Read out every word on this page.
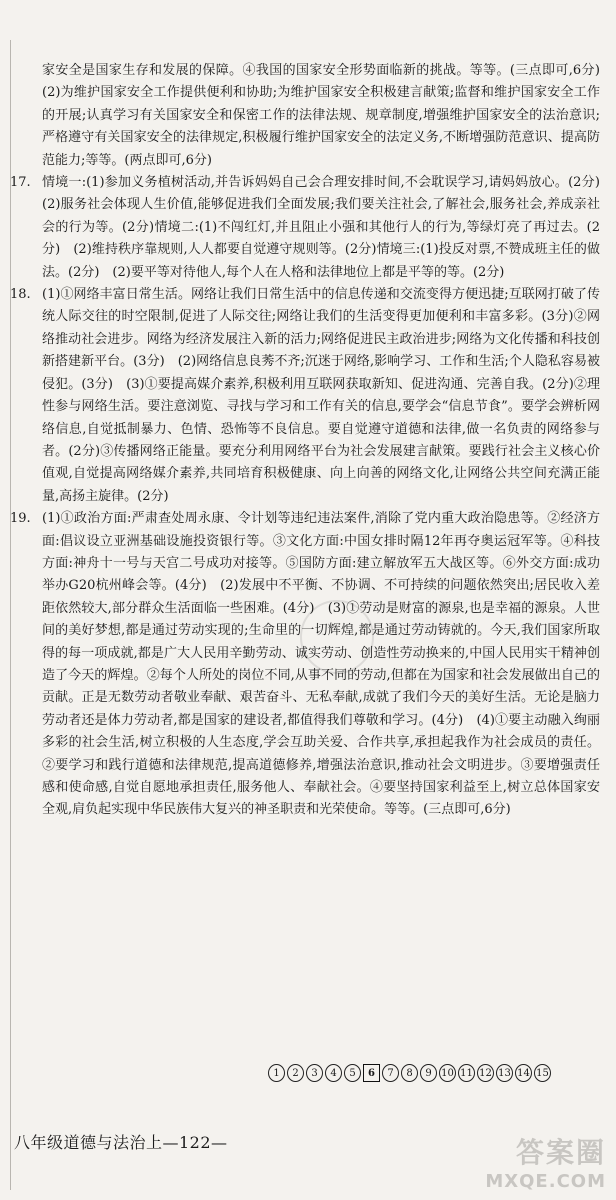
家安全是国家生存和发展的保障。④我国的国家安全形势面临新的挑战。等等。(三点即可,6分)　(2)为维护国家安全工作提供便利和协助;为维护国家安全积极建言献策;监督和维护国家安全工作的开展;认真学习有关国家安全和保密工作的法律法规、规章制度,增强维护国家安全的法治意识;严格遵守有关国家安全的法律规定,积极履行维护国家安全的法定义务,不断增强防范意识、提高防范能力;等等。(两点即可,6分)

17. 情境一:(1)参加义务植树活动,并告诉妈妈自己会合理安排时间,不会耽误学习,请妈妈放心。(2分)　(2)服务社会体现人生价值,能够促进我们全面发展;我们要关注社会,了解社会,服务社会,养成亲社会的行为等。(2分)情境二:(1)不闯红灯,并且阻止小强和其他行人的行为,等绿灯亮了再过去。(2分)　(2)维持秩序靠规则,人人都要自觉遵守规则等。(2分)情境三:(1)投反对票,不赞成班主任的做法。(2分)　(2)要平等对待他人,每个人在人格和法律地位上都是平等的等。(2分)
18. (1)①网络丰富日常生活。网络让我们日常生活中的信息传递和交流变得方便迅捷;互联网打破了传统人际交往的时空限制,促进了人际交往;网络让我们的生活变得更加便利和丰富多彩。(3分)②网络推动社会进步。网络为经济发展注入新的活力;网络促进民主政治进步;网络为文化传播和科技创新搭建新平台。(3分)　(2)网络信息良莠不齐;沉迷于网络,影响学习、工作和生活;个人隐私容易被侵犯。(3分)　(3)①要提高媒介素养,积极利用互联网获取新知、促进沟通、完善自我。(2分)②理性参与网络生活。要注意浏览、寻找与学习和工作有关的信息,要学会“信息节食”。要学会辨析网络信息,自觉抵制暴力、色情、恐怖等不良信息。要自觉遵守道德和法律,做一名负责的网络参与者。(2分)③传播网络正能量。要充分利用网络平台为社会发展建言献策。要践行社会主义核心价值观,自觉提高网络媒介素养,共同培育积极健康、向上向善的网络文化,让网络公共空间充满正能量,高扬主旋律。(2分)
19. (1)①政治方面:严肃查处周永康、令计划等违纪违法案件,消除了党内重大政治隐患等。②经济方面:倡议设立亚洲基础设施投资银行等。③文化方面:中国女排时隔12年再夺奥运冠军等。④科技方面:神舟十一号与天宫二号成功对接等。⑤国防方面:建立解放军五大战区等。⑥外交方面:成功举办G20杭州峰会等。(4分)　(2)发展中不平衡、不协调、不可持续的问题依然突出;居民收入差距依然较大,部分群众生活面临一些困难。(4分)　(3)①劳动是财富的源泉,也是幸福的源泉。人世间的美好梦想,都是通过劳动实现的;生命里的一切辉煌,都是通过劳动铸就的。今天,我们国家所取得的每一项成就,都是广大人民用辛勤劳动、诚实劳动、创造性劳动换来的,中国人民用实干精神创造了今天的辉煌。②每个人所处的岗位不同,从事不同的劳动,但都在为国家和社会发展做出自己的贡献。正是无数劳动者敬业奉献、艰苦奋斗、无私奉献,成就了我们今天的美好生活。无论是脑力劳动者还是体力劳动者,都是国家的建设者,都值得我们尊敬和学习。(4分)　(4)①要主动融入绚丽多彩的社会生活,树立积极的人生态度,学会互助关爱、合作共享,承担起我作为社会成员的责任。②要学习和践行道德和法律规范,提高道德修养,增强法治意识,推动社会文明进步。③要增强责任感和使命感,自觉自愿地承担责任,服务他人、奉献社会。④要坚持国家利益至上,树立总体国家安全观,肩负起实现中华民族伟大复兴的神圣职责和光荣使命。等等。(三点即可,6分)
1	2	3	4	5	6	7	8	9 10 11 12 13 14 15
八年级道德与法治上—122—	答案圈
MXQE.COM
